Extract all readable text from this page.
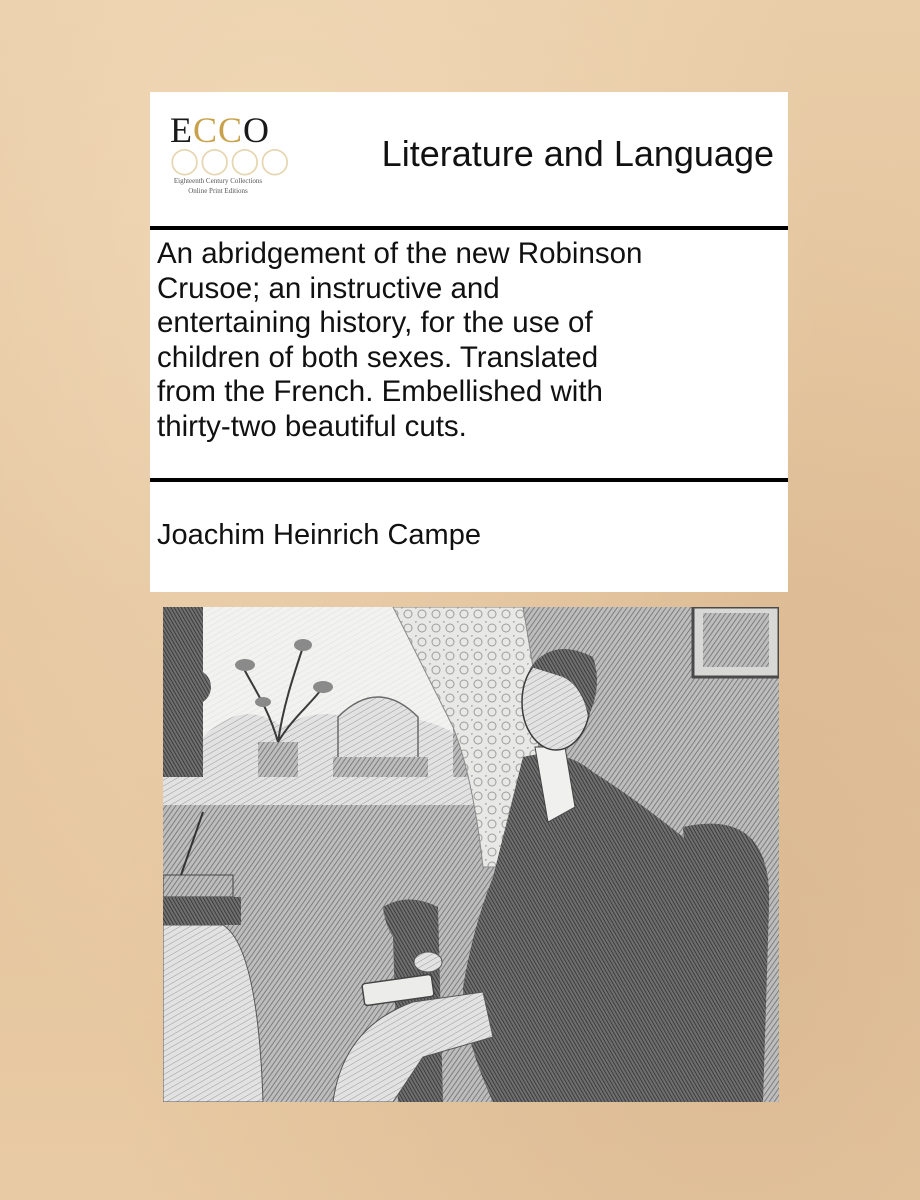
ECCO
◯◯◯◯
Eighteenth Century Collections Online Print Editions
Literature and Language
An abridgement of the new Robinson
Crusoe; an instructive and
entertaining history, for the use of
children of both sexes. Translated
from the French. Embellished with
thirty-two beautiful cuts.
Joachim Heinrich Campe
